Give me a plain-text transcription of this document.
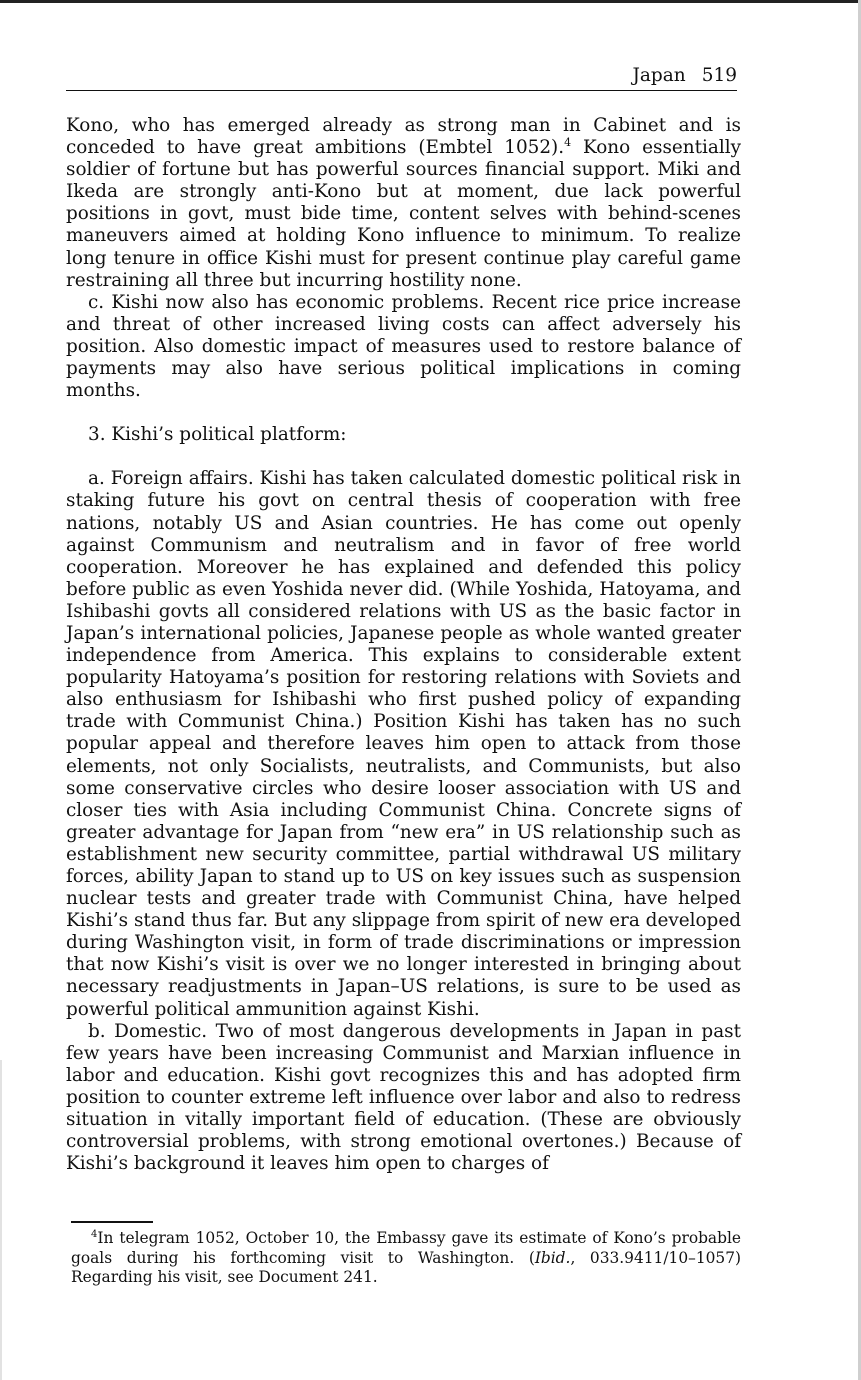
Japan 519

Kono, who has emerged already as strong man in Cabinet and is conceded to have great ambitions (Embtel 1052).$^4$ Kono essentially soldier of fortune but has powerful sources financial support. Miki and Ikeda are strongly anti-Kono but at moment, due lack powerful positions in govt, must bide time, content selves with behind-scenes maneuvers aimed at holding Kono influence to minimum. To realize long tenure in office Kishi must for present continue play careful game restraining all three but incurring hostility none.

c. Kishi now also has economic problems. Recent rice price increase and threat of other increased living costs can affect adversely his position. Also domestic impact of measures used to restore balance of payments may also have serious political implications in coming months.

3. Kishi’s political platform:

a. Foreign affairs. Kishi has taken calculated domestic political risk in staking future his govt on central thesis of cooperation with free nations, notably US and Asian countries. He has come out openly against Communism and neutralism and in favor of free world cooperation. Moreover he has explained and defended this policy before public as even Yoshida never did. (While Yoshida, Hatoyama, and Ishibashi govts all considered relations with US as the basic factor in Japan’s international policies, Japanese people as whole wanted greater independence from America. This explains to considerable extent popularity Hatoyama’s position for restoring relations with Soviets and also enthusiasm for Ishibashi who first pushed policy of expanding trade with Communist China.) Position Kishi has taken has no such popular appeal and therefore leaves him open to attack from those elements, not only Socialists, neutralists, and Communists, but also some conservative circles who desire looser association with US and closer ties with Asia including Communist China. Concrete signs of greater advantage for Japan from “new era” in US relationship such as establishment new security committee, partial withdrawal US military forces, ability Japan to stand up to US on key issues such as suspension nuclear tests and greater trade with Communist China, have helped Kishi’s stand thus far. But any slippage from spirit of new era developed during Washington visit, in form of trade discriminations or impression that now Kishi’s visit is over we no longer interested in bringing about necessary readjustments in Japan–US relations, is sure to be used as powerful political ammunition against Kishi.

b. Domestic. Two of most dangerous developments in Japan in past few years have been increasing Communist and Marxian influence in labor and education. Kishi govt recognizes this and has adopted firm position to counter extreme left influence over labor and also to redress situation in vitally important field of education. (These are obviously controversial problems, with strong emotional overtones.) Because of Kishi’s background it leaves him open to charges of

$^4$In telegram 1052, October 10, the Embassy gave its estimate of Kono’s probable goals during his forthcoming visit to Washington. (Ibid., 033.9411/10–1057) Regarding his visit, see Document 241.
